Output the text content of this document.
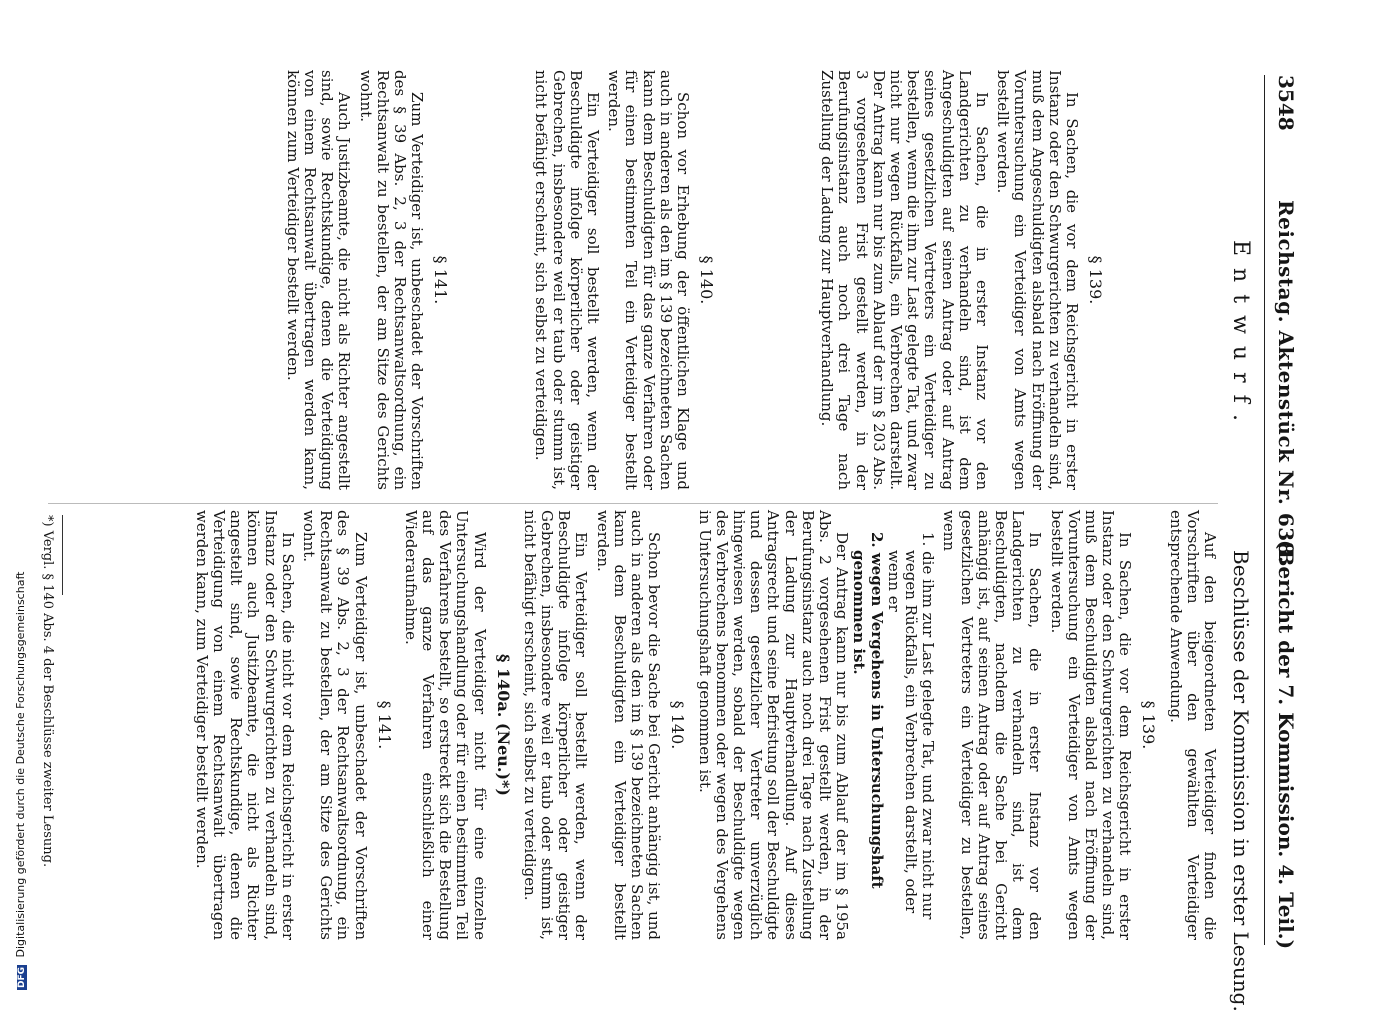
3548
Reichstag. Aktenstück Nr. 638.
(Bericht der 7. Kommission. 4. Teil.)
Entwurf.
Beschlüsse der Kommission in erster Lesung.
§ 139.

In Sachen, die vor dem Reichsgericht in erster Instanz oder den Schwurgerichten zu verhandeln sind, muß dem Angeschuldigten alsbald nach Eröffnung der Voruntersuchung ein Verteidiger von Amts wegen bestellt werden.

In Sachen, die in erster Instanz vor den Landgerichten zu verhandeln sind, ist dem Angeschuldigten auf seinen Antrag oder auf Antrag seines gesetzlichen Vertreters ein Verteidiger zu bestellen, wenn die ihm zur Last gelegte Tat, und zwar nicht nur wegen Rückfalls, ein Verbrechen darstellt. Der Antrag kann nur bis zum Ablauf der im § 203 Abs. 3 vorgesehenen Frist gestellt werden, in der Berufungsinstanz auch noch drei Tage nach Zustellung der Ladung zur Hauptverhandlung.

§ 140.

Schon vor Erhebung der öffentlichen Klage und auch in anderen als den im § 139 bezeichneten Sachen kann dem Beschuldigten für das ganze Verfahren oder für einen bestimmten Teil ein Verteidiger bestellt werden.

Ein Verteidiger soll bestellt werden, wenn der Beschuldigte infolge körperlicher oder geistiger Gebrechen, insbesondere weil er taub oder stumm ist, nicht befähigt erscheint, sich selbst zu verteidigen.

§ 141.

Zum Verteidiger ist, unbeschadet der Vorschriften des § 39 Abs. 2, 3 der Rechtsanwaltsordnung, ein Rechtsanwalt zu bestellen, der am Sitze des Gerichts wohnt.

Auch Justizbeamte, die nicht als Richter angestellt sind, sowie Rechtskundige, denen die Verteidigung von einem Rechtsanwalt übertragen werden kann, können zum Verteidiger bestellt werden.

Auf den beigeordneten Verteidiger finden die Vorschriften über den gewählten Verteidiger entsprechende Anwendung.

§ 139.

In Sachen, die vor dem Reichsgericht in erster Instanz oder den Schwurgerichten zu verhandeln sind, muß dem Beschuldigten alsbald nach Eröffnung der Voruntersuchung ein Verteidiger von Amts wegen bestellt werden.

In Sachen, die in erster Instanz vor den Landgerichten zu verhandeln sind, ist dem Beschuldigten, nachdem die Sache bei Gericht anhängig ist, auf seinen Antrag oder auf Antrag seines gesetzlichen Vertreters ein Verteidiger zu bestellen, wenn

1. die ihm zur Last gelegte Tat, und zwar nicht nur wegen Rückfalls, ein Verbrechen darstellt, oder wenn er

2. wegen Vergehens in Untersuchungshaft genommen ist.

Der Antrag kann nur bis zum Ablauf der im § 195a Abs. 2 vorgesehenen Frist gestellt werden, in der Berufungsinstanz auch noch drei Tage nach Zustellung der Ladung zur Hauptverhandlung. Auf dieses Antragsrecht und seine Befristung soll der Beschuldigte und dessen gesetzlicher Vertreter unverzüglich hingewiesen werden, sobald der Beschuldigte wegen des Verbrechens benommen oder wegen des Vergehens in Untersuchungshaft genommen ist.

§ 140.

Schon bevor die Sache bei Gericht anhängig ist, und auch in anderen als den im § 139 bezeichneten Sachen kann dem Beschuldigten ein Verteidiger bestellt werden.

Ein Verteidiger soll bestellt werden, wenn der Beschuldigte infolge körperlicher oder geistiger Gebrechen, insbesondere weil er taub oder stumm ist, nicht befähigt erscheint, sich selbst zu verteidigen.

§ 140a. (Neu.)*)

Wird der Verteidiger nicht für eine einzelne Untersuchungshandlung oder für einen bestimmten Teil des Verfahrens bestellt, so erstreckt sich die Bestellung auf das ganze Verfahren einschließlich einer Wiederaufnahme.

§ 141.

Zum Verteidiger ist, unbeschadet der Vorschriften des § 39 Abs. 2, 3 der Rechtsanwaltsordnung, ein Rechtsanwalt zu bestellen, der am Sitze des Gerichts wohnt.

In Sachen, die nicht vor dem Reichsgericht in erster Instanz oder den Schwurgerichten zu verhandeln sind, können auch Justizbeamte, die nicht als Richter angestellt sind, sowie Rechtskundige, denen die Verteidigung von einem Rechtsanwalt übertragen werden kann, zum Verteidiger bestellt werden.

*) Vergl. § 140 Abs. 4 der Beschlüsse zweiter Lesung.
DFG Digitalisierung gefördert durch die Deutsche Forschungsgemeinschaft
